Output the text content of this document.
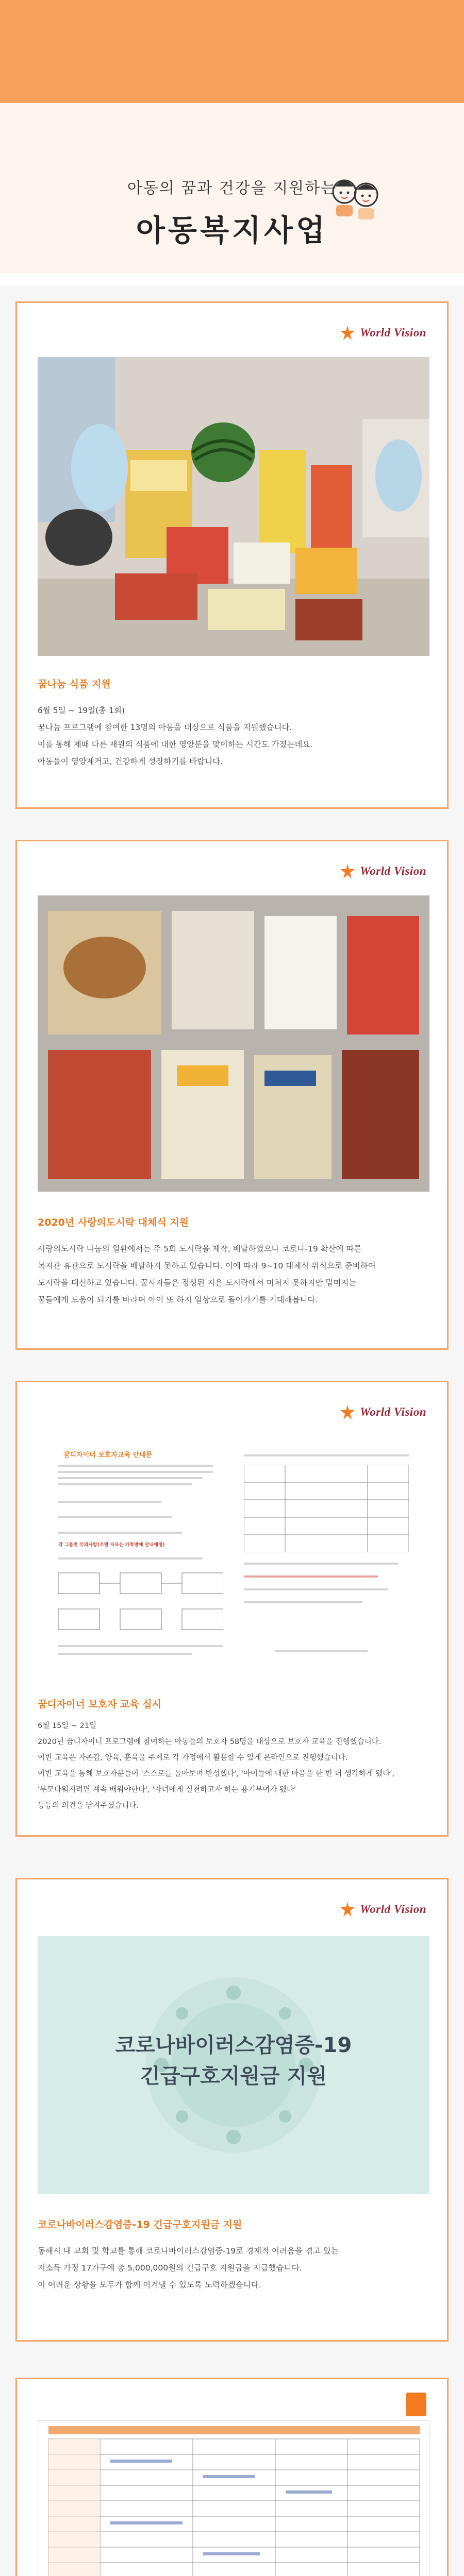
아동의 꿈과 건강을 지원하는
아동복지사업
World Vision
꿈나눔 식품 지원

6월 5일 ~ 19일(총 1회)

꿈나눔 프로그램에 참여한 13명의 아동을 대상으로 식품을 지원했습니다.

이를 통해 제때 다른 재원의 식품에 대한 영양분을 맞이하는 시간도 가졌는데요.

아동들이 영양제거고, 건강하게 성장하기를 바랍니다.

World Vision
2020년 사랑의도시락 대체식 지원

사랑의도시락 나눔의 일환에서는 주 5회 도시락을 제작, 배달하였으나 코로나-19 확산에 따른

복지관 휴관으로 도시락을 배달하지 못하고 있습니다. 이에 따라 9~10 대체식 위식으로 준비하여

도시락을 대신하고 있습니다. 꿈사자들은 정성된 지은 도시락에서 미처지 못하지만 밑미지는

꿈들에게 도움이 되기를 바라며 아이 또 하지 일상으로 돌아가기를 기대해봅니다.

World Vision
꿈디자이너 보호자교육 안내문
각 그룹별 유의사항(조별 자료는 카톡방에 안내예정)
꿈디자이너 보호자 교육 실시

6월 15일 ~ 21일

2020년 꿈디자이너 프로그램에 참여하는 아동들의 보호자 58명을 대상으로 보호자 교육을 진행했습니다.

이번 교육은 자존감, 양육, 훈육을 주제로 각 가정에서 활용할 수 있게 온라인으로 진행했습니다.

이번 교육을 통해 보호자분들이 '스스로를 돌아보며 반성했다', '아이들에 대한 마음을 한 번 더 생각하게 됐다',

'부모다워지려면 계속 배워야한다', '자녀에게 실천하고자 하는 용기부여가 됐다'

등등의 의견을 남겨주셨습니다.

World Vision
코로나바이러스감염증-19
긴급구호지원금 지원
코로나바이러스감염증-19 긴급구호지원금 지원

동해시 내 교회 및 학교를 통해 코로나바이러스감염증-19로 경제적 어려움을 겪고 있는

저소득 가정 17가구에 총 5,000,000원의 긴급구호 지원금을 지급했습니다.

이 어려운 상황을 모두가 함께 이겨낼 수 있도록 노력하겠습니다.
